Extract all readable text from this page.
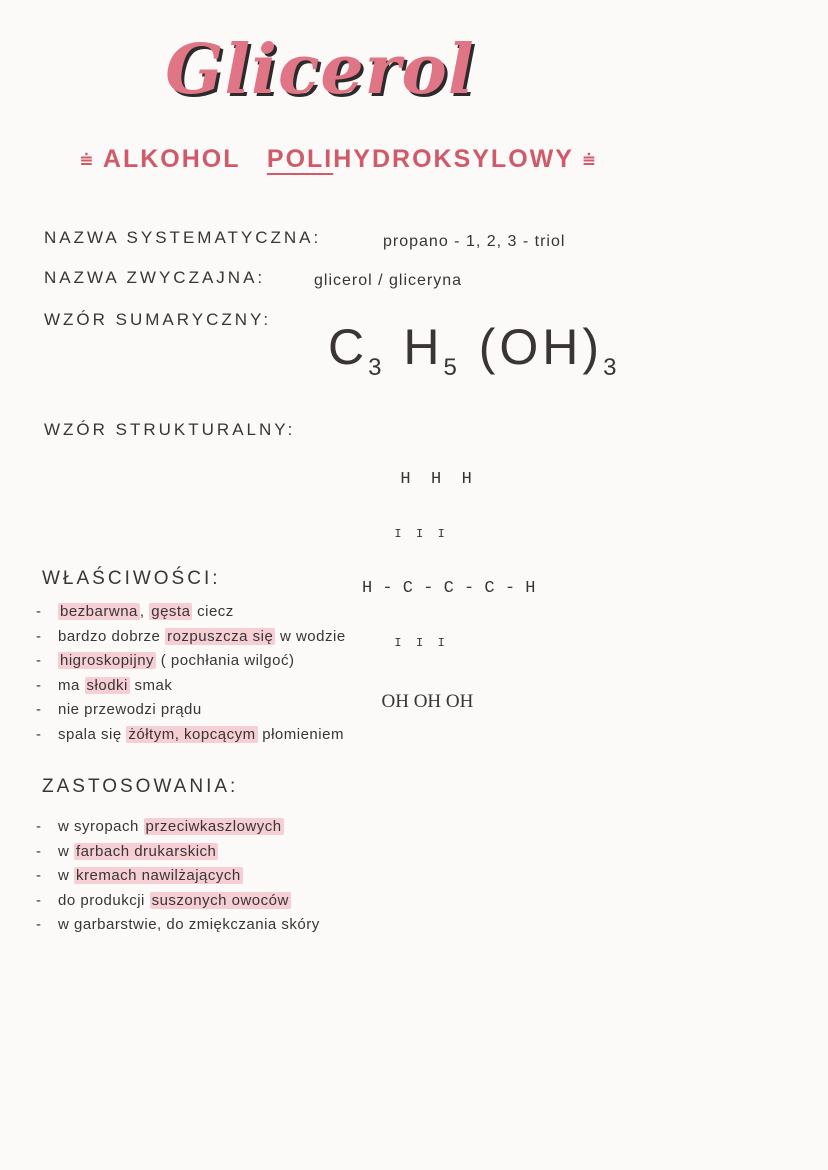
Glicerol
⩧ ALKOHOL POLIHYDROKSYLOWY ⩧
NAZWA SYSTEMATYCZNA:	propano - 1, 2, 3 - triol
NAZWA ZWYCZAJNA:	glicerol / gliceryna
WZÓR SUMARYCZNY: $C_3$ $H_5$ $(OH)_3$
WZÓR STRUKTURALNY:

H  H  H

I  I  I

H - C - C - C - H

I  I  I

OH OH OH

WŁAŚCIWOŚCI:
- bezbarwna , gęsta ciecz
- bardzo dobrze rozpuszcza się w wodzie
- higroskopijny ( pochłania wilgoć)
- ma słodki smak
- nie przewodzi prądu
- spala się żółtym, kopcącym płomieniem
ZASTOSOWANIA:
- w syropach przeciwkaszlowych
- w farbach drukarskich
- w kremach nawilżających
- do produkcji suszonych owoców
- w garbarstwie, do zmiękczania skóry
